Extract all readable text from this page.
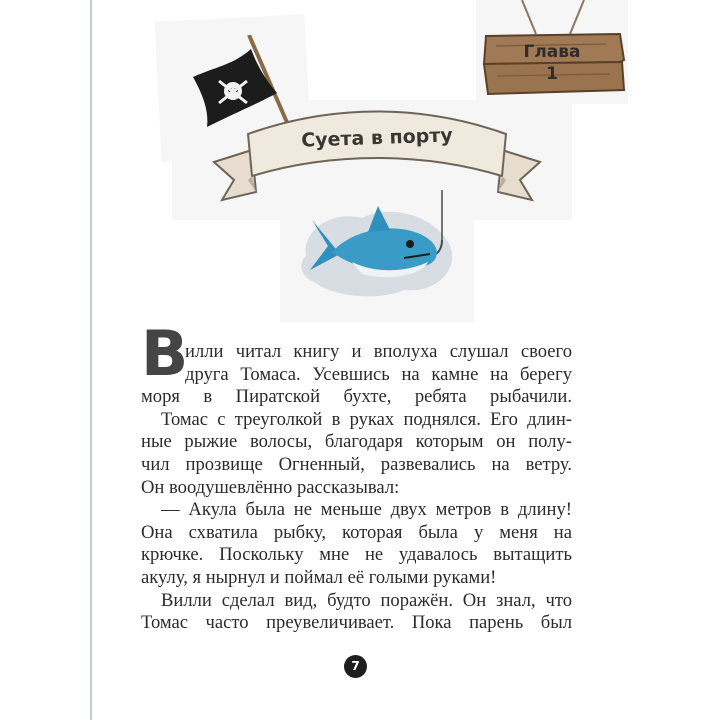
Глава
1
Суета в порту
В
илли читал книгу и вполуха слушал своего
друга Томаса. Усевшись на камне на берегу
моря в Пиратской бухте, ребята рыбачили.
Томас с треуголкой в руках поднялся. Его длин-
ные рыжие волосы, благодаря которым он полу-
чил прозвище Огненный, развевались на ветру.
Он воодушевлённо рассказывал:
— Акула была не меньше двух метров в длину!
Она схватила рыбку, которая была у меня на
крючке. Поскольку мне не удавалось вытащить
акулу, я нырнул и поймал её голыми руками!
Вилли сделал вид, будто поражён. Он знал, что
Томас часто преувеличивает. Пока парень был
7
